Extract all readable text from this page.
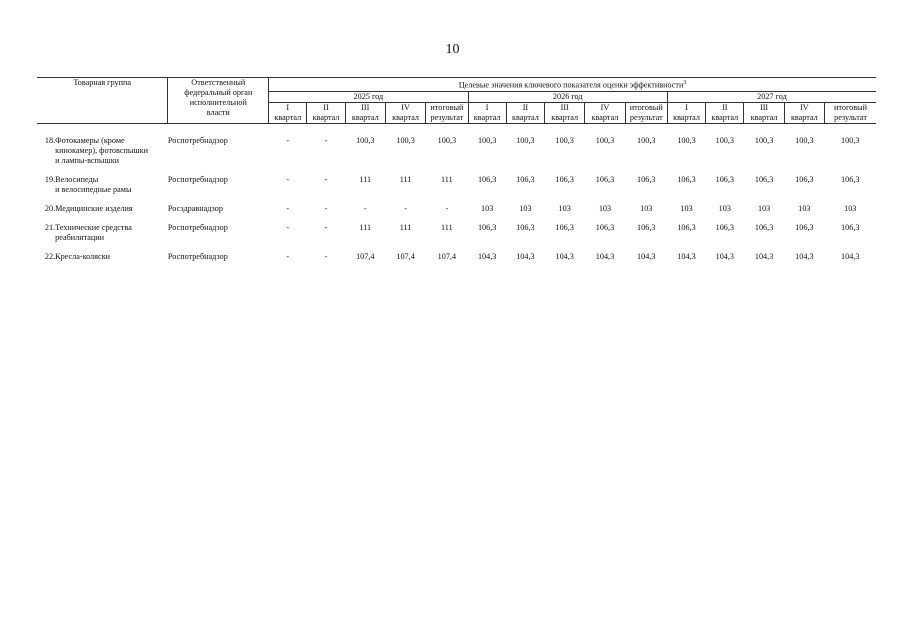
10
Товарная группа		Ответственный
федеральный орган
исполнительной
власти	Целевые значения ключевого показателя оценки эффективности$^3$
			2025 год					2026 год					2027 год				
			I	II	III	IV	итоговый	I	II	III	IV	итоговый	I	II	III	IV	итоговый
			квартал	квартал	квартал	квартал	результат	квартал	квартал	квартал	квартал	результат	квартал	квартал	квартал	квартал	результат

18.	Фотокамеры (кроме
кинокамер), фотовспышки
и лампы-вспышки	Роспотребнадзор	-	-	100,3	100,3	100,3	100,3	100,3	100,3	100,3	100,3	100,3	100,3	100,3	100,3	100,3
19.	Велосипеды
и велосипедные рамы	Роспотребнадзор	-	-	111	111	111	106,3	106,3	106,3	106,3	106,3	106,3	106,3	106,3	106,3	106,3
20.	Медицинские изделия	Росздравнадзор	-	-	-	-	-	103	103	103	103	103	103	103	103	103	103
21.	Технические средства
реабилитации	Роспотребнадзор	-	-	111	111	111	106,3	106,3	106,3	106,3	106,3	106,3	106,3	106,3	106,3	106,3
22.	Кресла-коляски	Роспотребнадзор	-	-	107,4	107,4	107,4	104,3	104,3	104,3	104,3	104,3	104,3	104,3	104,3	104,3	104,3
